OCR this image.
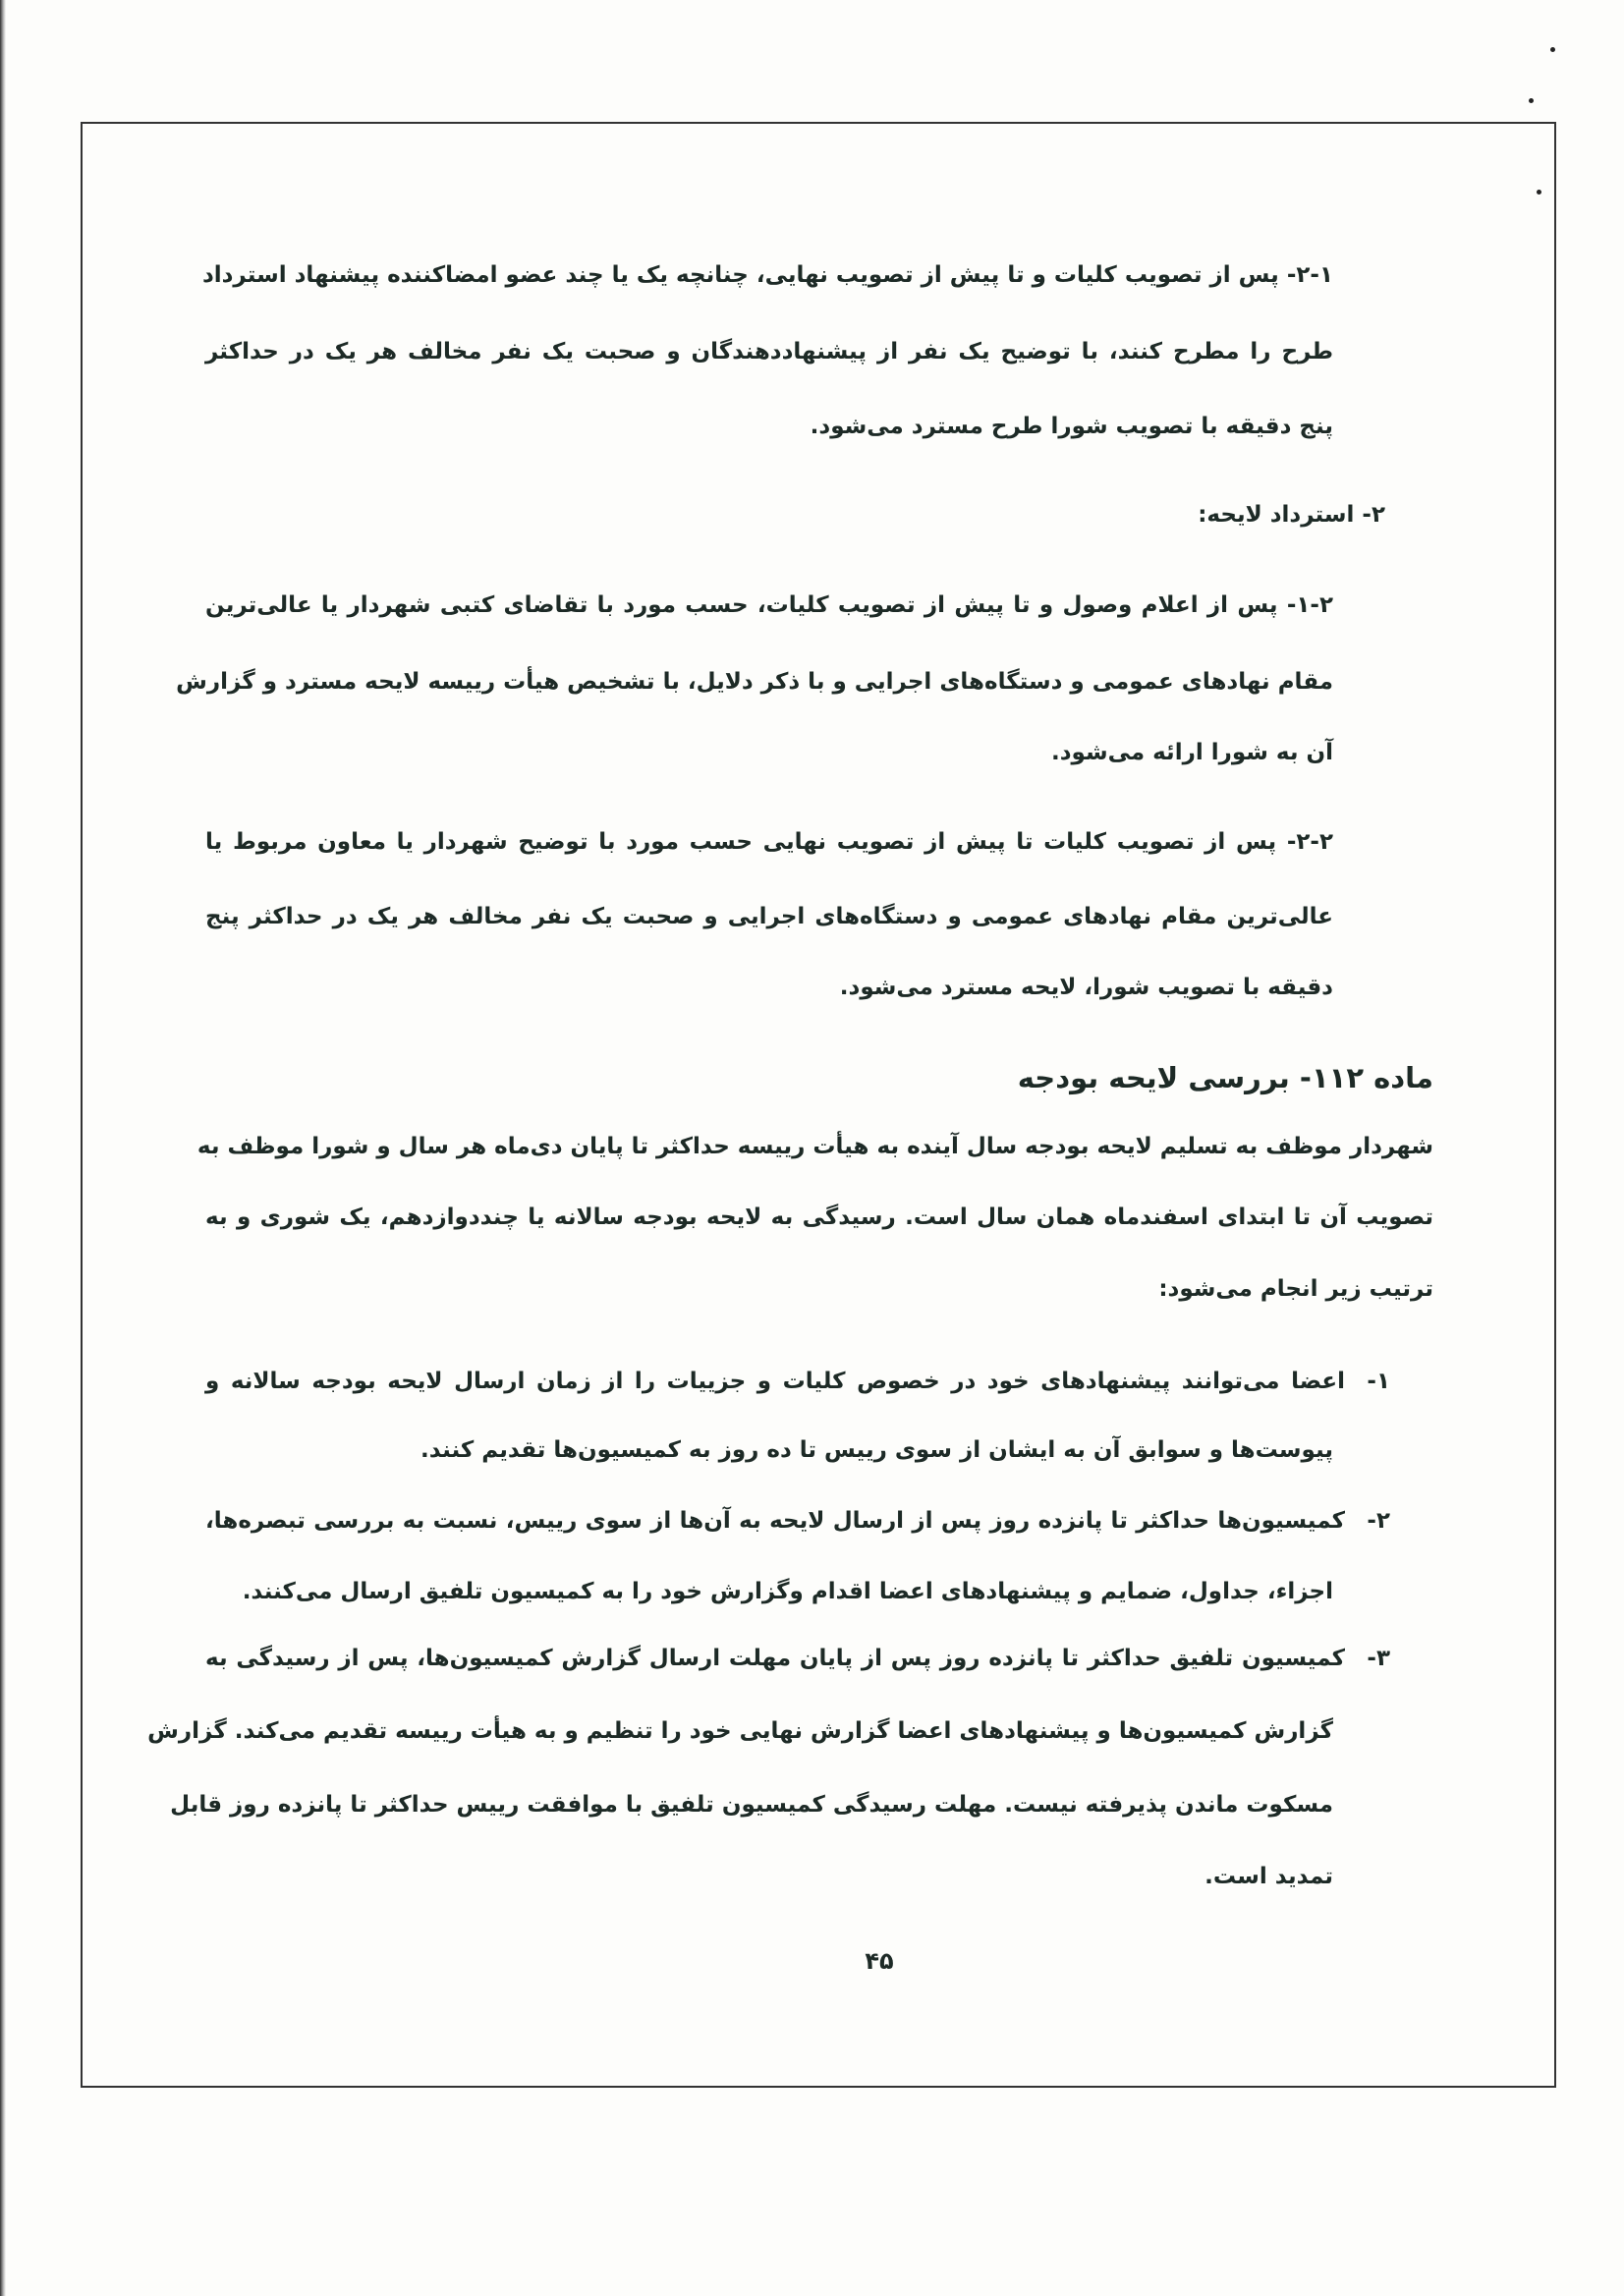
۲-۱- پس از تصویب کلیات و تا پیش از تصویب نهایی، چنانچه یک یا چند عضو امضاکننده پیشنهاد استرداد
طرح را مطرح کنند، با توضیح یک نفر از پیشنهاددهندگان و صحبت یک نفر مخالف هر یک در حداکثر
پنج دقیقه با تصویب شورا طرح مسترد می‌شود.
۲- استرداد لایحه:
۱-۲- پس از اعلام وصول و تا پیش از تصویب کلیات، حسب مورد با تقاضای کتبی شهردار یا عالی‌ترین
مقام نهادهای عمومی و دستگاه‌های اجرایی و با ذکر دلایل، با تشخیص هیأت رییسه لایحه مسترد و گزارش
آن به شورا ارائه می‌شود.
۲-۲- پس از تصویب کلیات تا پیش از تصویب نهایی حسب مورد با توضیح شهردار یا معاون مربوط یا
عالی‌ترین مقام نهادهای عمومی و دستگاه‌های اجرایی و صحبت یک نفر مخالف هر یک در حداکثر پنج
دقیقه با تصویب شورا، لایحه مسترد می‌شود.
ماده ۱۱۲- بررسی لایحه بودجه
شهردار موظف به تسلیم لایحه بودجه سال آینده به هیأت رییسه حداکثر تا پایان دی‌ماه هر سال و شورا موظف به
تصویب آن تا ابتدای اسفندماه همان سال است. رسیدگی به لایحه بودجه سالانه یا چنددوازدهم، یک شوری و به
ترتیب زیر انجام می‌شود:
۱-
اعضا می‌توانند پیشنهادهای خود در خصوص کلیات و جزییات را از زمان ارسال لایحه بودجه سالانه و
پیوست‌ها و سوابق آن به ایشان از سوی رییس تا ده روز به کمیسیون‌ها تقدیم کنند.
۲-
کمیسیون‌ها حداکثر تا پانزده روز پس از ارسال لایحه به آن‌ها از سوی رییس، نسبت به بررسی تبصره‌ها،
اجزاء، جداول، ضمایم و پیشنهادهای اعضا اقدام وگزارش خود را به کمیسیون تلفیق ارسال می‌کنند.
۳-
کمیسیون تلفیق حداکثر تا پانزده روز پس از پایان مهلت ارسال گزارش کمیسیون‌ها، پس از رسیدگی به
گزارش کمیسیون‌ها و پیشنهادهای اعضا گزارش نهایی خود را تنظیم و به هیأت رییسه تقدیم می‌کند. گزارش
مسکوت ماندن پذیرفته نیست. مهلت رسیدگی کمیسیون تلفیق با موافقت رییس حداکثر تا پانزده روز قابل
تمدید است.
۴۵
